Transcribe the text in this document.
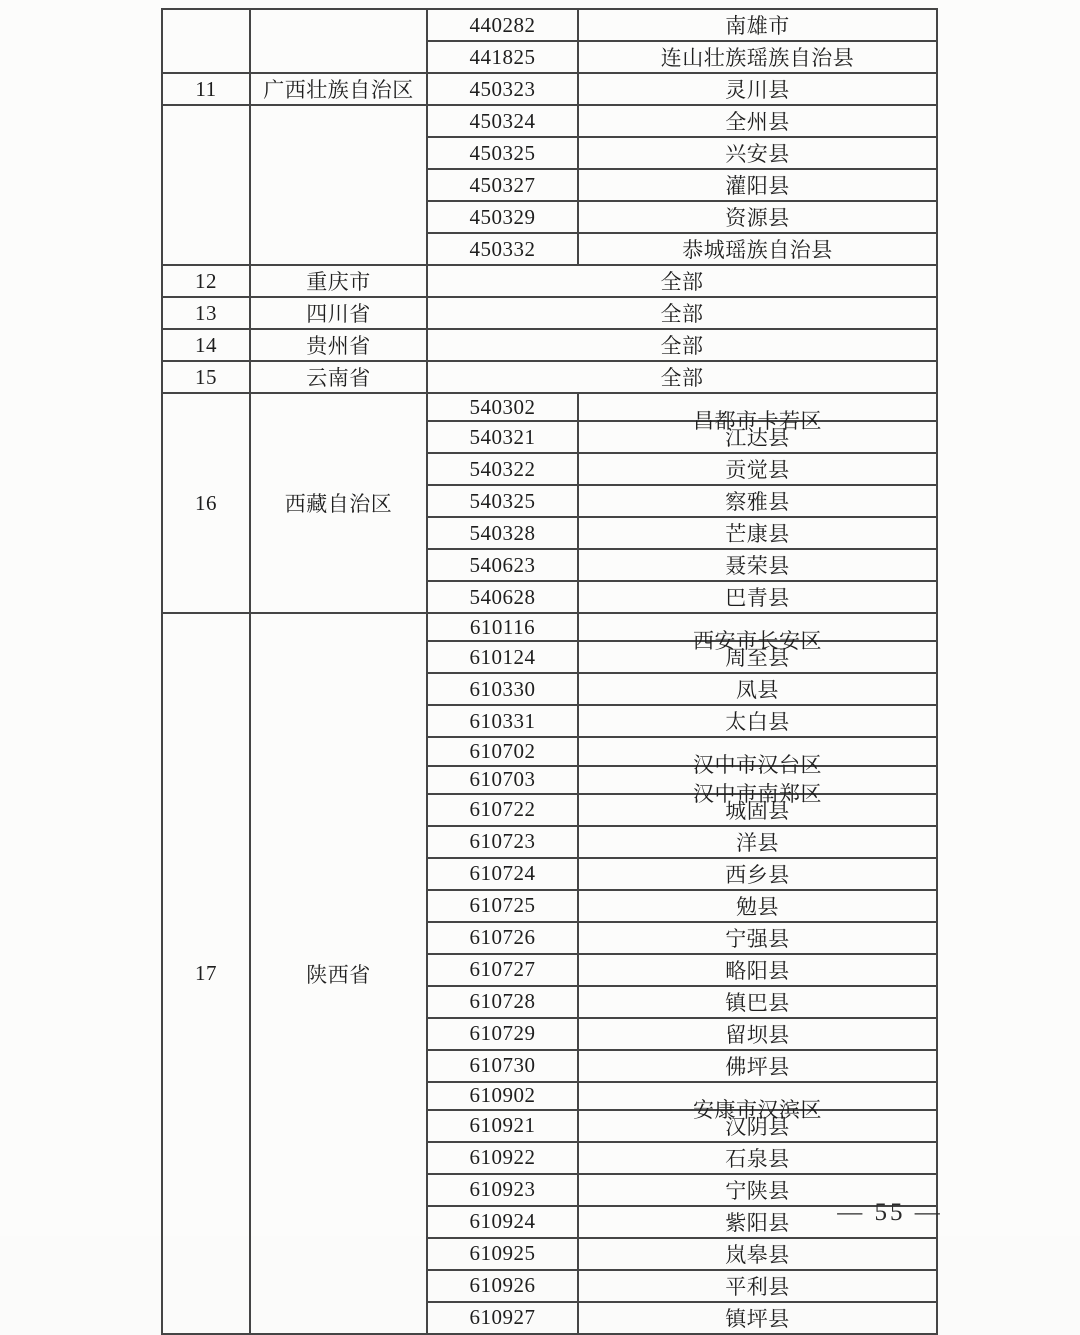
		440282	南雄市

		441825	连山壮族瑶族自治县

11	广西壮族自治区	450323	灵川县

		450324	全州县

		450325	兴安县

		450327	灌阳县

		450329	资源县

		450332	恭城瑶族自治县

12	重庆市	全部	

13	四川省	全部	

14	贵州省	全部	

15	云南省	全部	

16	西藏自治区	540302	昌都市卡若区

		540321	江达县

		540322	贡觉县

		540325	察雅县

		540328	芒康县

		540623	聂荣县

		540628	巴青县

17	陕西省	610116	西安市长安区

		610124	周至县

		610330	凤县

		610331	太白县

		610702	汉中市汉台区

		610703	汉中市南郑区

		610722	城固县

		610723	洋县

		610724	西乡县

		610725	勉县

		610726	宁强县

		610727	略阳县

		610728	镇巴县

		610729	留坝县

		610730	佛坪县

		610902	安康市汉滨区

		610921	汉阴县

		610922	石泉县

		610923	宁陕县

		610924	紫阳县

		610925	岚皋县

		610926	平利县

		610927	镇坪县
— 55 —
